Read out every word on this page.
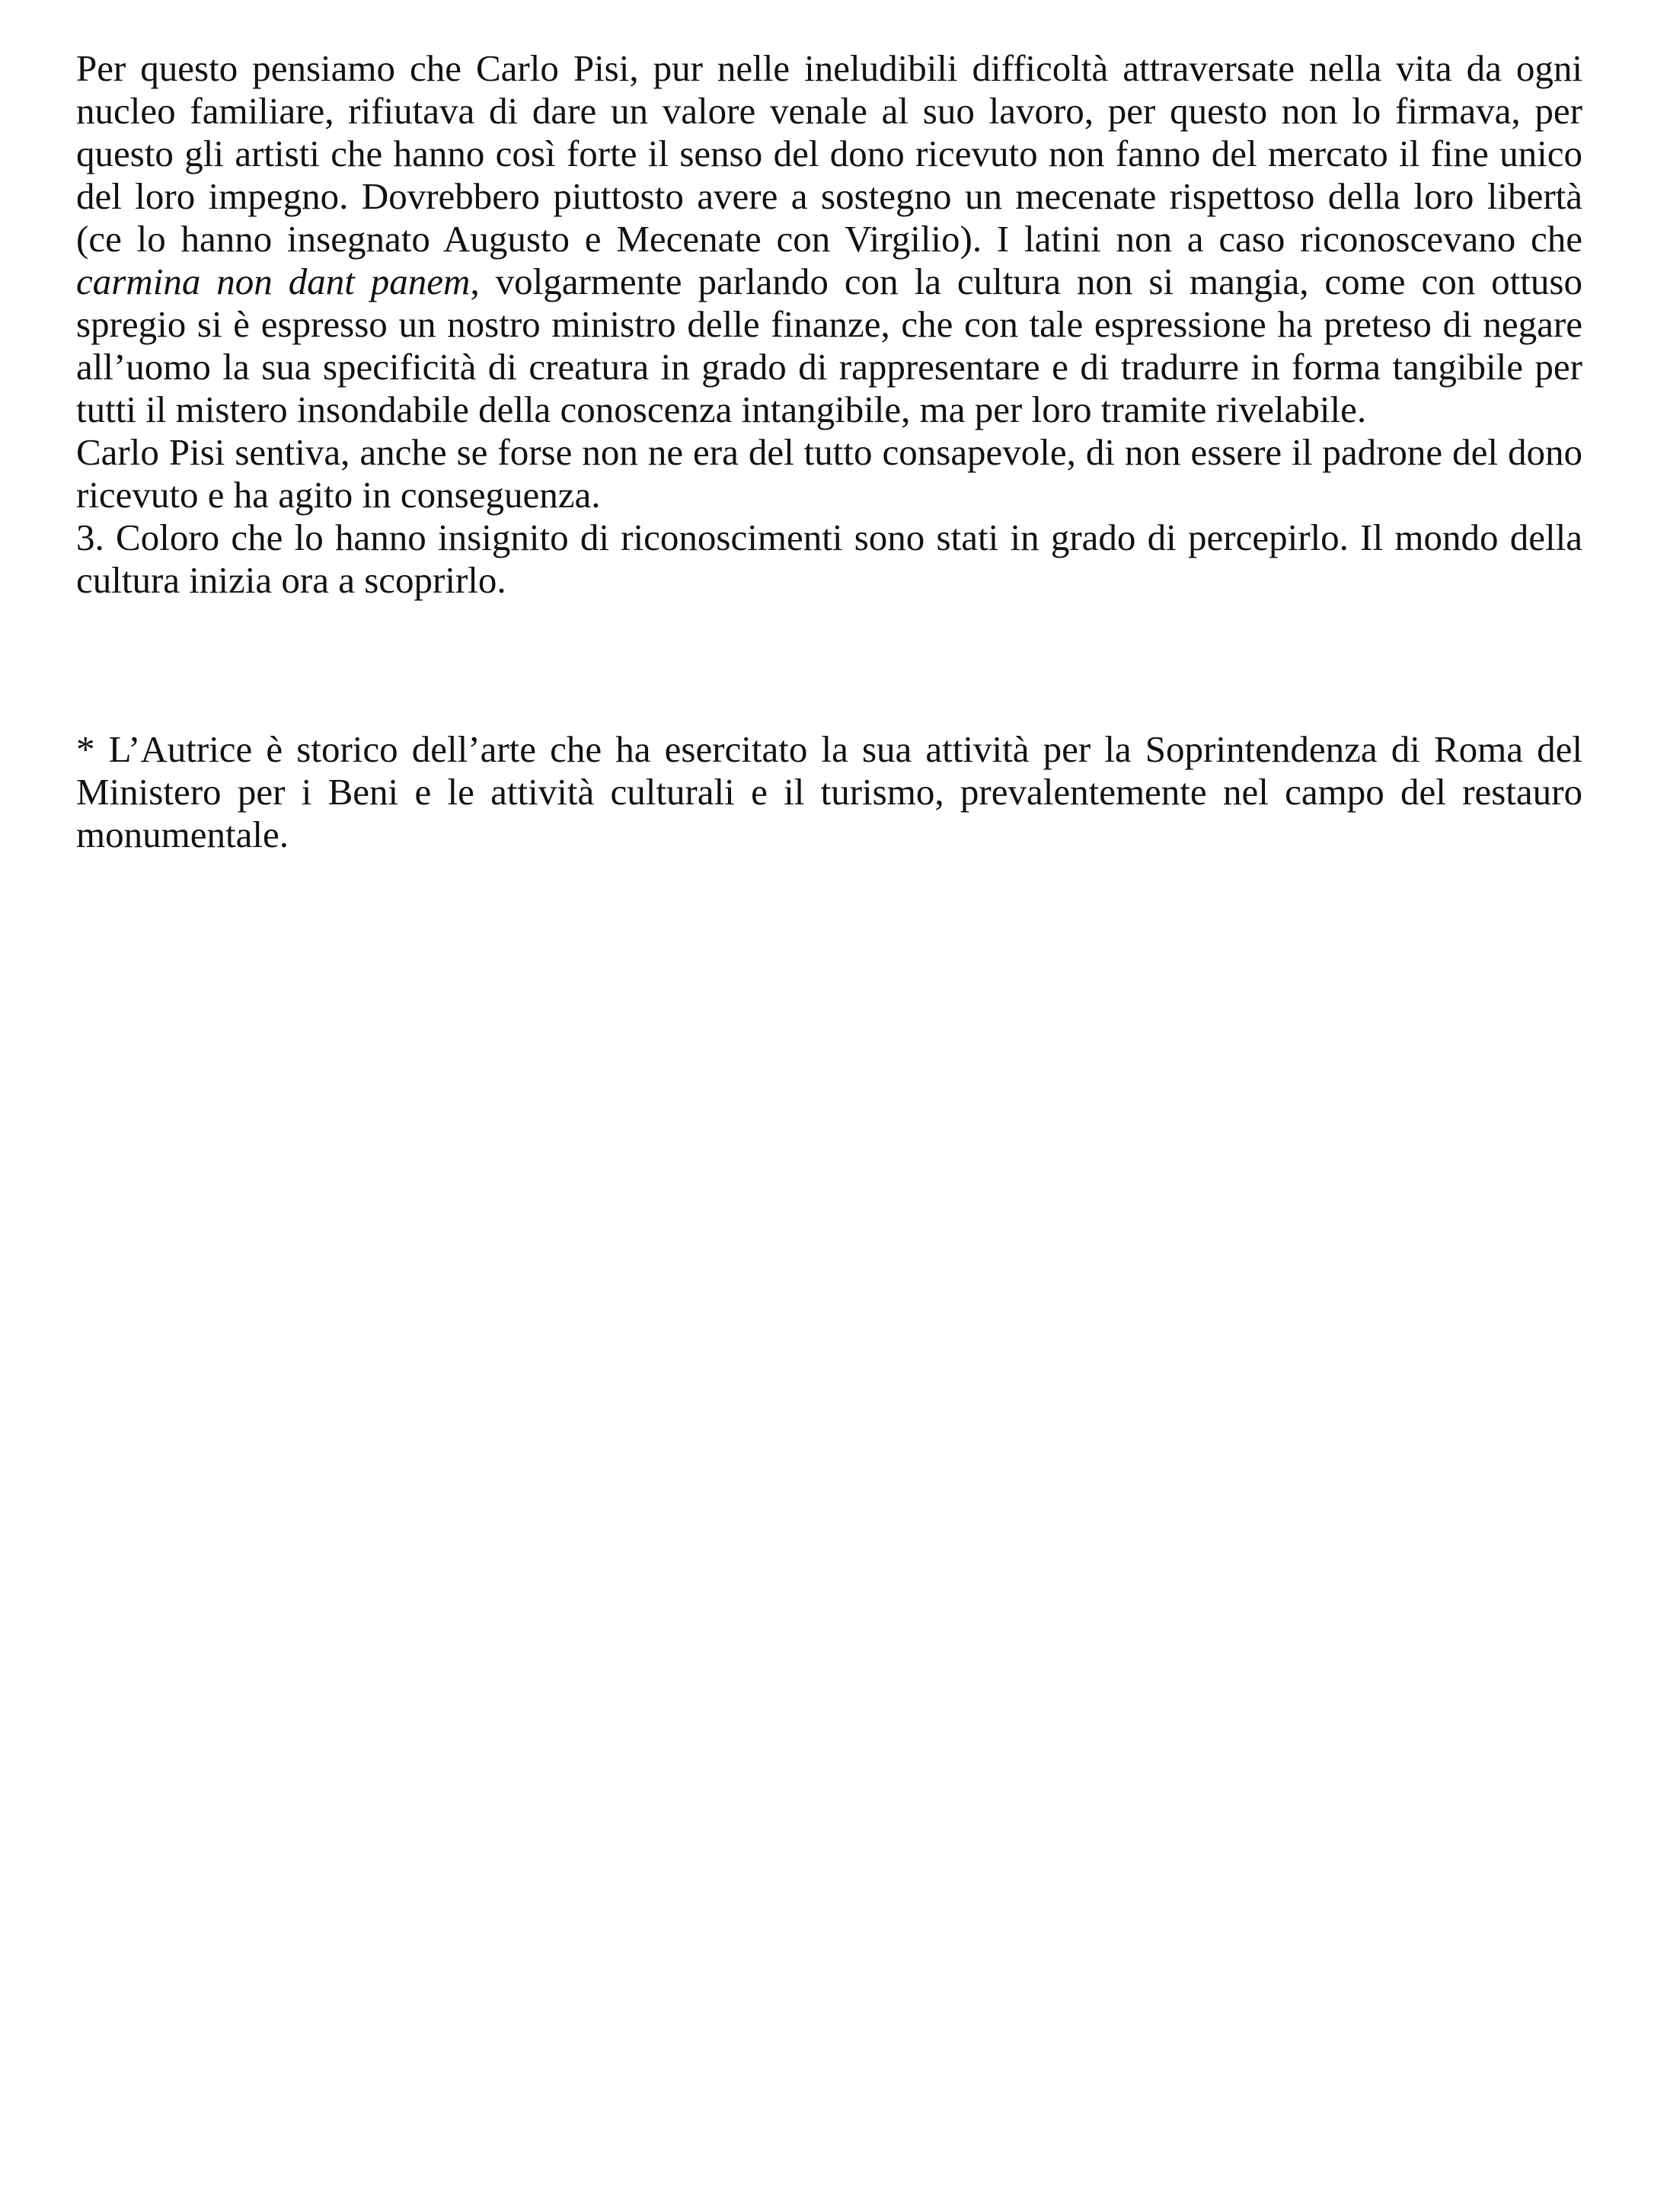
Per questo pensiamo che Carlo Pisi, pur nelle ineludibili difficoltà attraversate nella vita da ogni nucleo familiare, rifiutava di dare un valore venale al suo lavoro, per questo non lo firmava, per questo gli artisti che hanno così forte il senso del dono ricevuto non fanno del mercato il fine unico del loro impegno. Dovrebbero piuttosto avere a sostegno un mecenate rispettoso della loro libertà (ce lo hanno insegnato Augusto e Mecenate con Virgilio). I latini non a caso riconoscevano che carmina non dant panem, volgarmente parlando con la cultura non si mangia, come con ottuso spregio si è espresso un nostro ministro delle finanze, che con tale espressione ha preteso di negare all’uomo la sua specificità di creatura in grado di rappresentare e di tradurre in forma tangibile per tutti il mistero insondabile della conoscenza intangibile, ma per loro tramite rivelabile.

Carlo Pisi sentiva, anche se forse non ne era del tutto consapevole, di non essere il padrone del dono ricevuto e ha agito in conseguenza.

3. Coloro che lo hanno insignito di riconoscimenti sono stati in grado di percepirlo. Il mondo della cultura inizia ora a scoprirlo.

* L’Autrice è storico dell’arte che ha esercitato la sua attività per la Soprintendenza di Roma del Ministero per i Beni e le attività culturali e il turismo, prevalentemente nel campo del restauro monumentale.
